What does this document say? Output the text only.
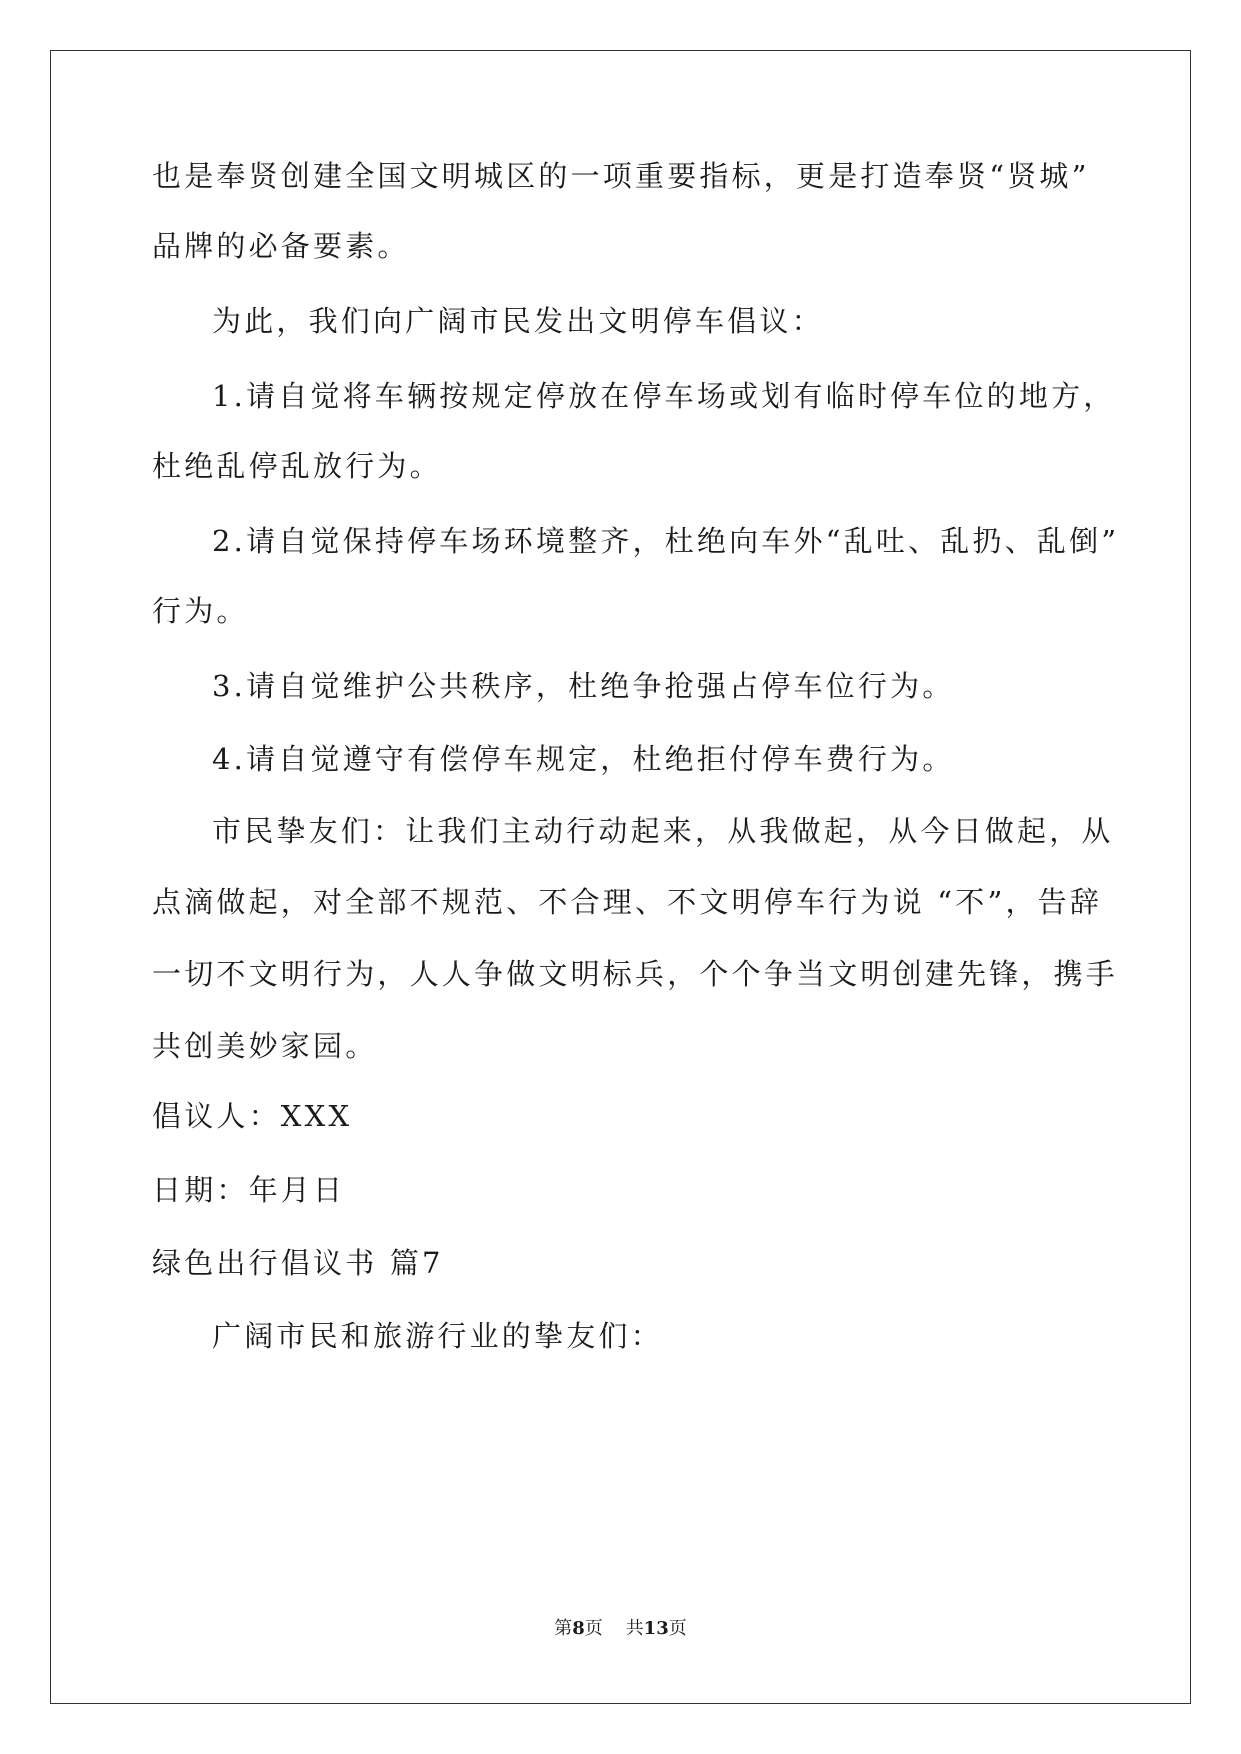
也是奉贤创建全国文明城区的一项重要指标，更是打造奉贤“贤城”
品牌的必备要素。
为此，我们向广阔市民发出文明停车倡议：
1.请自觉将车辆按规定停放在停车场或划有临时停车位的地方，
杜绝乱停乱放行为。
2.请自觉保持停车场环境整齐，杜绝向车外“乱吐、乱扔、乱倒”
行为。
3.请自觉维护公共秩序，杜绝争抢强占停车位行为。
4.请自觉遵守有偿停车规定，杜绝拒付停车费行为。
市民挚友们：让我们主动行动起来，从我做起，从今日做起，从
点滴做起，对全部不规范、不合理、不文明停车行为说 “不”，告辞
一切不文明行为，人人争做文明标兵，个个争当文明创建先锋，携手
共创美妙家园。
倡议人：XXX
日期：年月日
绿色出行倡议书 篇7
广阔市民和旅游行业的挚友们：
第8页 共13页
